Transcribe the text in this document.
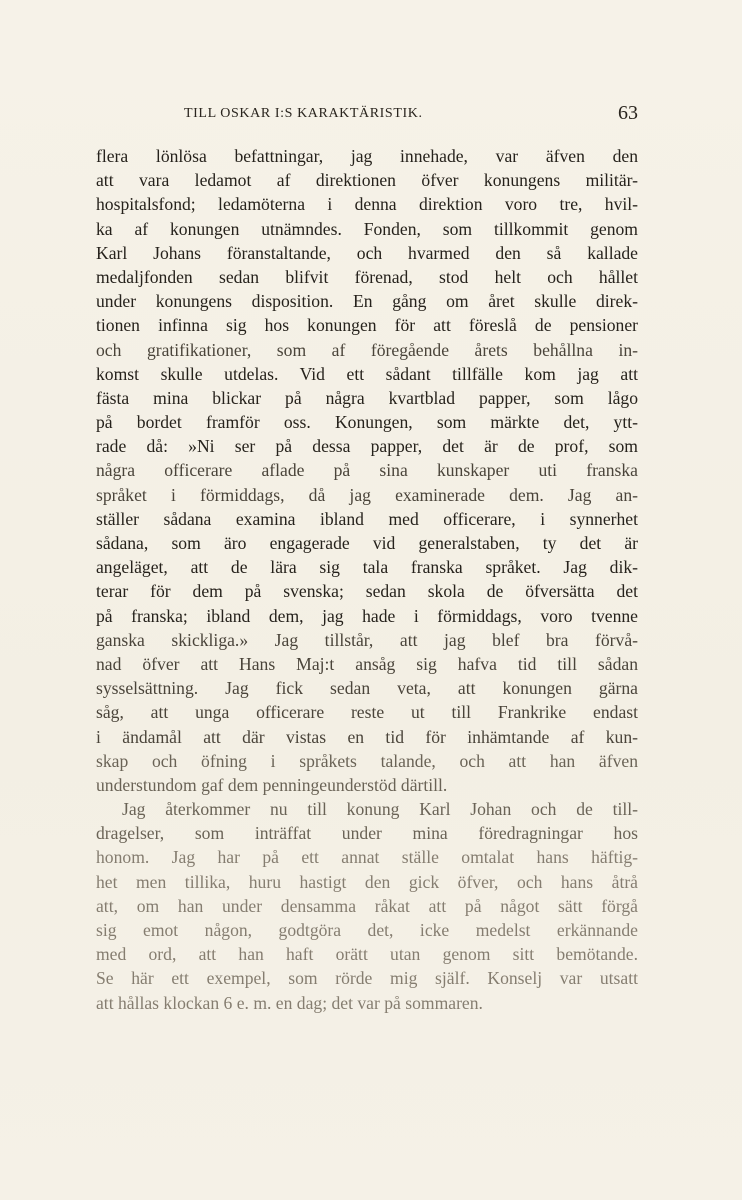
TILL OSKAR I:S KARAKTÄRISTIK.	63
flera lönlösa befattningar, jag innehade, var äfven den
att vara ledamot af direktionen öfver konungens militär-
hospitalsfond; ledamöterna i denna direktion voro tre, hvil-
ka af konungen utnämndes. Fonden, som tillkommit genom
Karl Johans föranstaltande, och hvarmed den så kallade
medaljfonden sedan blifvit förenad, stod helt och hållet
under konungens disposition. En gång om året skulle direk-
tionen infinna sig hos konungen för att föreslå de pensioner
och gratifikationer, som af föregående årets behållna in-
komst skulle utdelas. Vid ett sådant tillfälle kom jag att
fästa mina blickar på några kvartblad papper, som lågo
på bordet framför oss. Konungen, som märkte det, ytt-
rade då: »Ni ser på dessa papper, det är de prof, som
några officerare aflade på sina kunskaper uti franska
språket i förmiddags, då jag examinerade dem. Jag an-
ställer sådana examina ibland med officerare, i synnerhet
sådana, som äro engagerade vid generalstaben, ty det är
angeläget, att de lära sig tala franska språket. Jag dik-
terar för dem på svenska; sedan skola de öfversätta det
på franska; ibland dem, jag hade i förmiddags, voro tvenne
ganska skickliga.» Jag tillstår, att jag blef bra förvå-
nad öfver att Hans Maj:t ansåg sig hafva tid till sådan
sysselsättning. Jag fick sedan veta, att konungen gärna
såg, att unga officerare reste ut till Frankrike endast
i ändamål att där vistas en tid för inhämtande af kun-
skap och öfning i språkets talande, och att han äfven
understundom gaf dem penningeunderstöd därtill.
Jag återkommer nu till konung Karl Johan och de till-
dragelser, som inträffat under mina föredragningar hos
honom. Jag har på ett annat ställe omtalat hans häftig-
het men tillika, huru hastigt den gick öfver, och hans åtrå
att, om han under densamma råkat att på något sätt förgå
sig emot någon, godtgöra det, icke medelst erkännande
med ord, att han haft orätt utan genom sitt bemötande.
Se här ett exempel, som rörde mig själf. Konselj var utsatt
att hållas klockan 6 e. m. en dag; det var på sommaren.
